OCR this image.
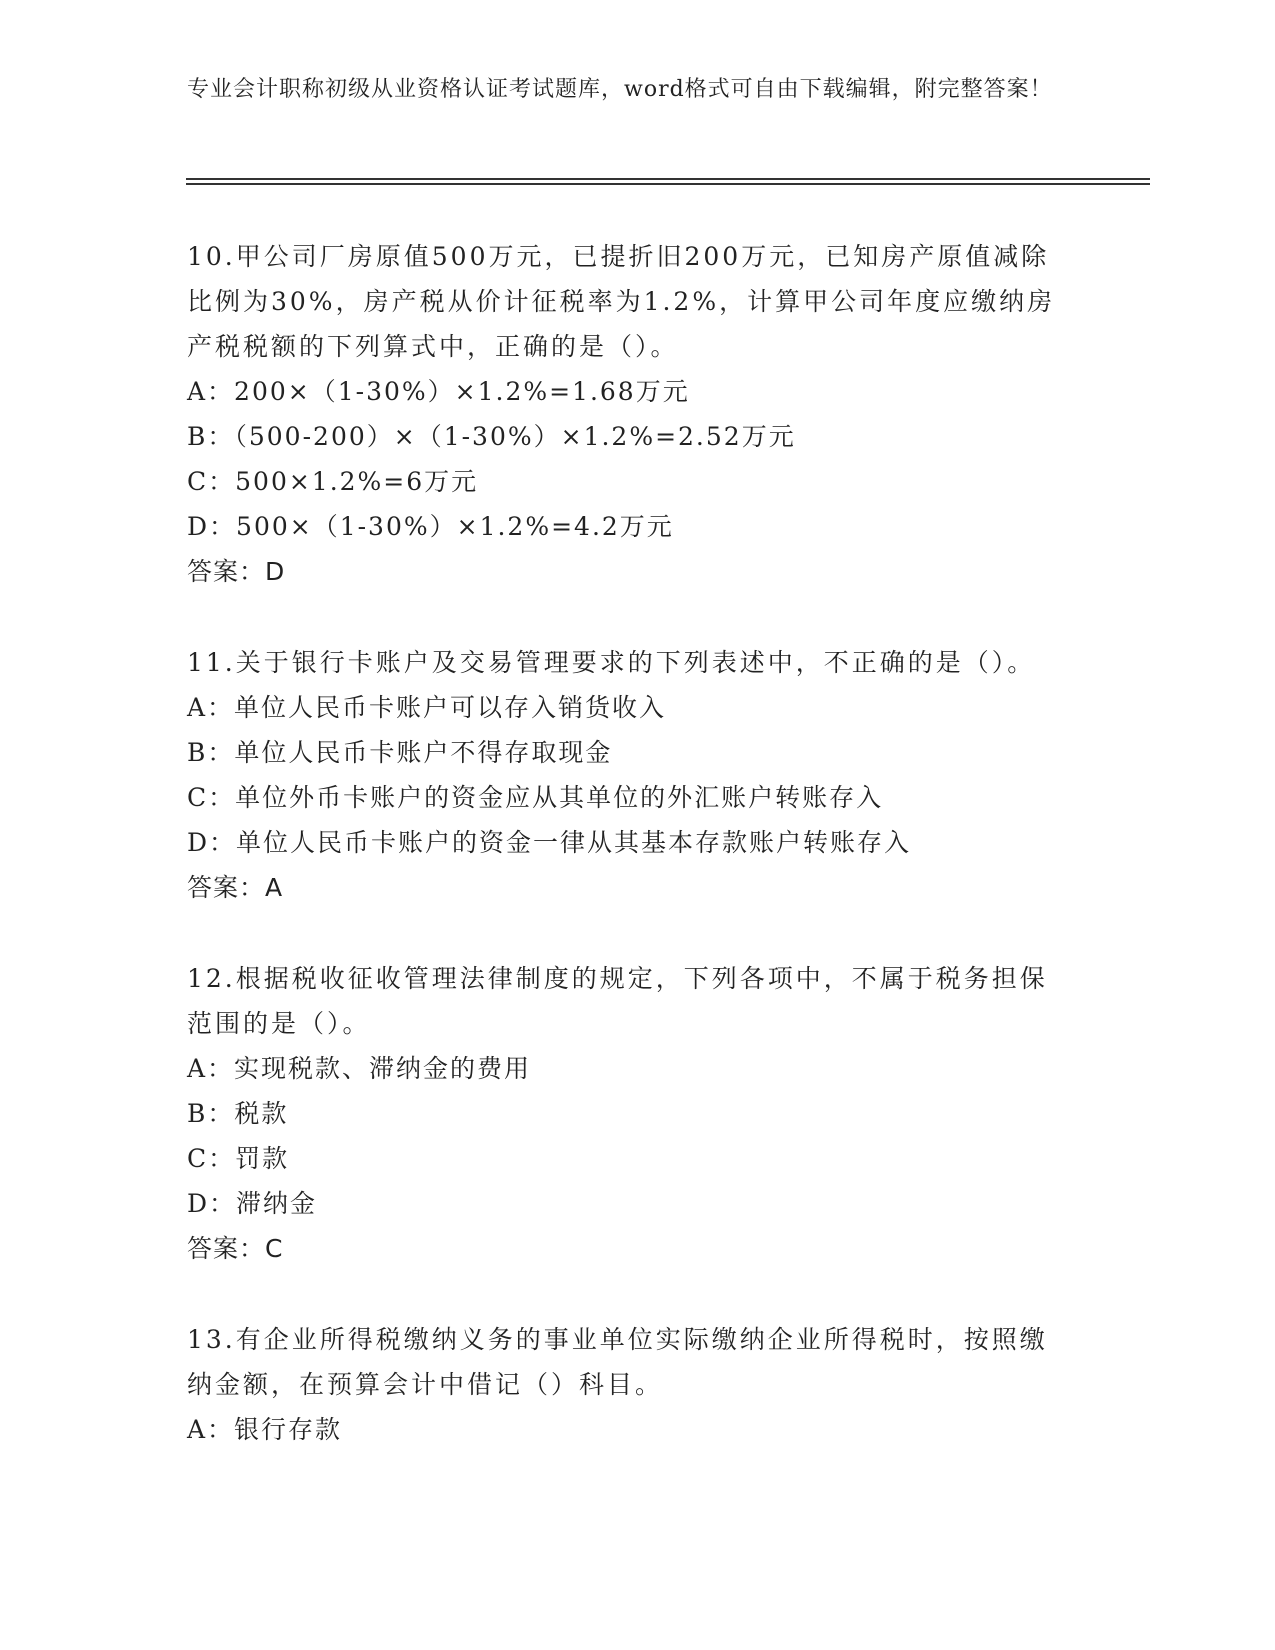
专业会计职称初级从业资格认证考试题库，word格式可自由下载编辑，附完整答案！

10.甲公司厂房原值500万元，已提折旧200万元，已知房产原值减除比例为30%，房产税从价计征税率为1.2%，计算甲公司年度应缴纳房产税税额的下列算式中，正确的是（）。

A：200×（1-30%）×1.2%=1.68万元

B：（500-200）×（1-30%）×1.2%=2.52万元

C：500×1.2%=6万元

D：500×（1-30%）×1.2%=4.2万元

答案：D

11.关于银行卡账户及交易管理要求的下列表述中，不正确的是（）。

A：单位人民币卡账户可以存入销货收入

B：单位人民币卡账户不得存取现金

C：单位外币卡账户的资金应从其单位的外汇账户转账存入

D：单位人民币卡账户的资金一律从其基本存款账户转账存入

答案：A

12.根据税收征收管理法律制度的规定，下列各项中，不属于税务担保范围的是（）。

A：实现税款、滞纳金的费用

B：税款

C：罚款

D：滞纳金

答案：C

13.有企业所得税缴纳义务的事业单位实际缴纳企业所得税时，按照缴纳金额，在预算会计中借记（）科目。

A：银行存款
